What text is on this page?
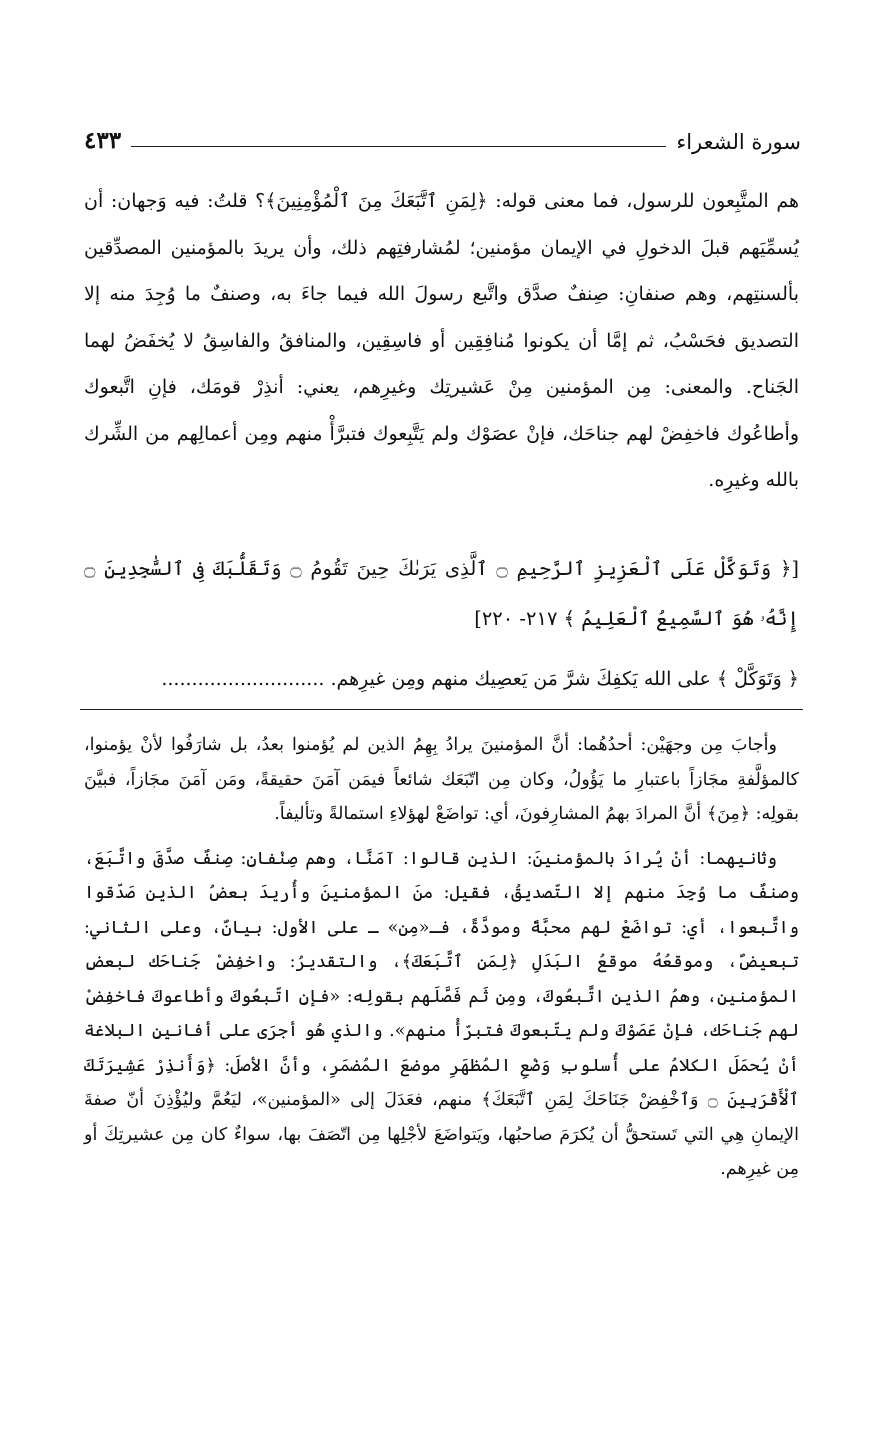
سورة الشعراء
٤٣٣

هم المتَّبِعون للرسول، فما معنى قوله: ﴿لِمَنِ ٱتَّبَعَكَ مِنَ ٱلْمُؤْمِنِينَ﴾؟ قلتُ: فيه وَجهان: أن يُسمِّيَهم قبلَ الدخولِ في الإيمان مؤمنين؛ لمُشارفتِهم ذلك، وأن يريدَ بالمؤمنين المصدِّقين بألسنتِهم، وهم صنفانِ: صِنفٌ صدَّق واتَّبع رسولَ الله فيما جاءَ به، وصنفٌ ما وُجِدَ منه إلا التصديق فحَسْبُ، ثم إمَّا أن يكونوا مُنافِقِين أو فاسِقِين، والمنافقُ والفاسِقُ لا يُخفَضُ لهما الجَناح. والمعنى: مِن المؤمنين مِنْ عَشيرتِك وغيرِهم، يعني: أنذِرْ قومَك، فإنِ اتَّبعوك وأطاعُوك فاخفِضْ لهم جناحَك، فإنْ عصَوْك ولم يَتَّبِعوك فتبرَّأْ منهم ومِن أعمالِهم من الشِّرك بالله وغيرِه.

[﴿ وَتَوَكَّلْ عَلَى ٱلْعَزِيزِ ٱلرَّحِيمِ ۝ ٱلَّذِى يَرَىٰكَ حِينَ تَقُومُ ۝ وَتَقَلُّبَكَ فِى ٱلسَّٰجِدِينَ ۝ إِنَّهُۥ هُوَ ٱلسَّمِيعُ ٱلْعَلِيمُ ﴾ ٢١٧- ٢٢٠]

﴿ وَتَوَكَّلْ ﴾ على الله يَكفِكَ شرَّ مَن يَعصِيك منهم ومِن غيرِهم. ...........................

وأجابَ مِن وجهَيْن: أحدُهُما: أنَّ المؤمنينَ يرادُ بِهِمُ الذين لم يُؤمنوا بعدُ، بل شارَفُوا لأنْ يؤمنوا، كالمؤلَّفةِ مجَازاً باعتبارِ ما يَؤُولُ، وكان مِن اتّبَعَك شائعاً فيمَن آمَنَ حقيقةً، ومَن آمَنَ مجَازاً، فبيَّنَ بقولِه: ﴿مِنَ﴾ أنَّ المرادَ بهمُ المشارِفونَ، أي: تواضَعْ لهؤلاءِ استمالةً وتأليفاً.

وثانيهما: أنْ يُرادَ بالمؤمنينَ: الذين قالوا: آمَنَّا، وهم صِنْفانِ: صِنفٌ صدَّقَ واتَّبَعَ، وصنفٌ ما وُجِدَ منهم إلا التّصديقُ، فقيل: منَ المؤمنينَ وأُريدَ بعضُ الذين صَدّقوا واتَّبعوا، أي: تواضَعْ لهم محبَّةً ومودَّةً، فـ«مِن» ـ على الأول: بيانٌ، وعلى الثاني: تبعيضٌ، وموقعُهُ موقعُ البَدَلِ ﴿لِمَنِ ٱتَّبَعَكَ﴾، والتقديرُ: واخفِضْ جَناحَك لبعضِ المؤمنين، وهمُ الذين اتَّبعُوكَ، ومِن ثَم فَصَّلَهم بقولِه: «فإنِ اتّبعُوكَ وأطاعوكَ فاخفِضْ لهم جَناحَك، فإنْ عَصَوْكَ ولم يتّبعوكَ فتبرّأْ منهم». والذي هُو أجرَى على أفانينِ البلاغة أنْ يُحمَلَ الكلامُ على أُسلوبِ وَضْعِ المُظهَرِ موضعَ المُضمَرِ، وأنَّ الأصلَ: ﴿وَأَنذِرْ عَشِيرَتَكَ ٱلْأَقْرَبِينَ ۝ وَٱخْفِضْ جَنَاحَكَ لِمَنِ ٱتَّبَعَكَ﴾ منهم، فعَدَلَ إلى «المؤمنين»، ليَعُمَّ وليُؤْذِنَ أنّ صفةَ الإيمانِ هِي التي تَستحقُّ أن يُكرَمَ صاحبُها، ويَتواضَعَ لأجْلِها مِن اتّصَفَ بها، سواءٌ كان مِن عشيرتِكَ أو مِن غيرِهم.
